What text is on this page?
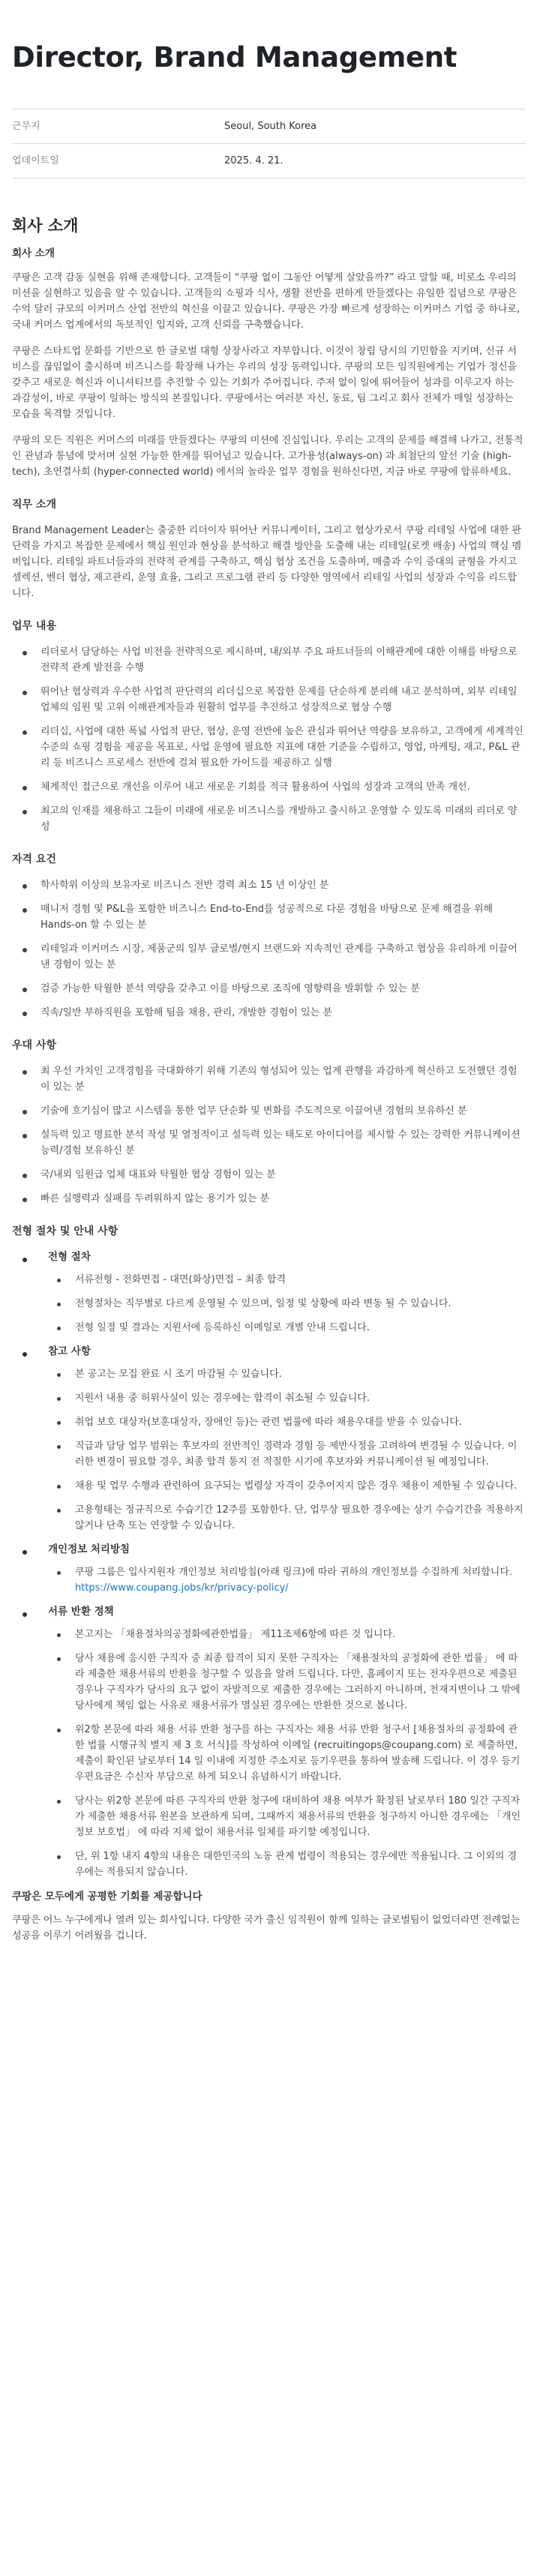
Director, Brand Management
근무지	Seoul, South Korea
업데이트일	2025. 4. 21.
회사 소개
회사 소개

쿠팡은 고객 감동 실현을 위해 존재합니다. 고객들이 “쿠팡 없이 그동안 어떻게 살았을까?” 라고 말할 때, 비로소 우리의 미션을 실현하고 있음을 알 수 있습니다. 고객들의 쇼핑과 식사, 생활 전반을 편하게 만들겠다는 유일한 집념으로 쿠팡은 수억 달러 규모의 이커머스 산업 전반의 혁신을 이끌고 있습니다. 쿠팡은 가장 빠르게 성장하는 이커머스 기업 중 하나로, 국내 커머스 업계에서의 독보적인 입지와, 고객 신뢰를 구축했습니다.

쿠팡은 스타트업 문화를 기반으로 한 글로벌 대형 상장사라고 자부합니다. 이것이 창립 당시의 기민함을 지키며, 신규 서비스를 끊임없이 출시하며 비즈니스를 확장해 나가는 우리의 성장 동력입니다. 쿠팡의 모든 임직원에게는 기업가 정신을 갖추고 새로운 혁신과 이니셔티브를 추진할 수 있는 기회가 주어집니다. 주저 없이 일에 뛰어들어 성과를 이루고자 하는 과감성이, 바로 쿠팡이 일하는 방식의 본질입니다. 쿠팡에서는 여러분 자신, 동료, 팀 그리고 회사 전체가 매일 성장하는 모습을 목격할 것입니다.

쿠팡의 모든 직원은 커머스의 미래를 만들겠다는 쿠팡의 미션에 진심입니다. 우리는 고객의 문제를 해결해 나가고, 전통적인 관념과 통념에 맞서며 실현 가능한 한계를 뛰어넘고 있습니다. 고가용성(always-on) 과 최첨단의 앞선 기술 (high-tech), 초연결사회 (hyper-connected world) 에서의 놀라운 업무 경험을 원하신다면, 지금 바로 쿠팡에 합류하세요.

직무 소개

Brand Management Leader는 출중한 리더이자 뛰어난 커뮤니케이터, 그리고 협상가로서 쿠팡 리테일 사업에 대한 판단력을 가지고 복잡한 문제에서 핵심 원인과 현상을 분석하고 해결 방안을 도출해 내는 리테일(로켓 배송) 사업의 핵심 멤버입니다. 리테일 파트너들과의 전략적 관계를 구축하고, 핵심 협상 조건을 도출하며, 매출과 수익 증대의 균형을 가지고 셀렉션, 벤더 협상, 재고관리, 운영 효율, 그리고 프로그램 관리 등 다양한 영역에서 리테일 사업의 성장과 수익을 리드합니다.

업무 내용
리더로서 담당하는 사업 비전을 전략적으로 제시하며, 내/외부 주요 파트너들의 이해관계에 대한 이해를 바탕으로 전략적 관계 발전을 수행
뛰어난 협상력과 우수한 사업적 판단력의 리더십으로 복잡한 문제를 단순하게 분리해 내고 분석하며, 외부 리테일 업체의 임원 및 고위 이해관계자들과 원활히 업무를 추진하고 성장적으로 협상 수행
리더십, 사업에 대한 폭넓 사업적 판단, 협상, 운영 전반에 높은 관심과 뛰어난 역량을 보유하고, 고객에게 세계적인 수준의 쇼핑 경험을 제공을 목표로, 사업 운영에 필요한 지표에 대한 기준을 수립하고, 영업, 마케팅, 재고, P&L 관리 등 비즈니스 프로세스 전반에 걸쳐 필요한 가이드를 제공하고 실행
체계적인 접근으로 개선을 이루어 내고 새로운 기회를 적극 활용하여 사업의 성장과 고객의 만족 개선.
최고의 인재를 채용하고 그들이 미래에 새로운 비즈니스를 개발하고 출시하고 운영할 수 있도록 미래의 리더로 양성
자격 요건
학사학위 이상의 보유자로 비즈니스 전반 경력 최소 15 년 이상인 분
매니저 경험 및 P&L을 포함한 비즈니스 End-to-End를 성공적으로 다룬 경험을 바탕으로 문제 해결을 위해 Hands-on 할 수 있는 분
리테일과 이커머스 시장, 제품군의 일부 글로벌/현지 브랜드와 지속적인 관계를 구축하고 협상을 유리하게 이끌어 낸 경험이 있는 분
검증 가능한 탁월한 분석 역량을 갖추고 이를 바탕으로 조직에 영향력을 발휘할 수 있는 분
직속/일반 부하직원을 포함해 팀을 채용, 관리, 개발한 경험이 있는 분
우대 사항
최 우선 가치인 고객경험을 극대화하기 위해 기존의 형성되어 있는 업계 관행을 과감하게 혁신하고 도전했던 경험이 있는 분
기술에 호기심이 많고 시스템을 통한 업무 단순화 및 변화를 주도적으로 이끌어낸 경험의 보유하신 분
설득력 있고 명료한 분석 작성 및 열정적이고 설득력 있는 태도로 아이디어를 제시할 수 있는 강력한 커뮤니케이션 능력/경험 보유하신 분
국/내외 임원급 업체 대표와 탁월한 협상 경험이 있는 분
빠른 실행력과 실패를 두려워하지 않는 용기가 있는 분
전형 절차 및 안내 사항
전형 절차
서류전형 - 전화면접 - 대면(화상)면접 – 최종 합격
전형절차는 직무별로 다르게 운영될 수 있으며, 일정 및 상황에 따라 변동 될 수 있습니다.
전형 일정 및 결과는 지원서에 등록하신 이메일로 개별 안내 드립니다.
참고 사항
본 공고는 모집 완료 시 조기 마감될 수 있습니다.
지원서 내용 중 허위사실이 있는 경우에는 합격이 취소될 수 있습니다.
취업 보호 대상자(보훈대상자, 장애인 등)는 관련 법률에 따라 채용우대를 받을 수 있습니다.
직급과 담당 업무 범위는 후보자의 전반적인 경력과 경험 등 제반사정을 고려하여 변경될 수 있습니다. 이러한 변경이 필요할 경우, 최종 합격 통지 전 적절한 시기에 후보자와 커뮤니케이션 될 예정입니다.
채용 및 업무 수행과 관련하여 요구되는 법령상 자격이 갖추어지지 않은 경우 채용이 제한될 수 있습니다.
고용형태는 정규직으로 수습기간 12주를 포함한다. 단, 업무상 필요한 경우에는 상기 수습기간을 적용하지 않거나 단축 또는 연장할 수 있습니다.
개인정보 처리방침
쿠팡 그룹은 입사지원자 개인정보 처리방침(아래 링크)에 따라 귀하의 개인정보를 수집하게 처리합니다. https://www.coupang.jobs/kr/privacy-policy/
서류 반환 정책
본고지는 「채용절차의공정화에관한법률」 제11조제6항에 따른 것 입니다.
당사 채용에 응시한 구직자 중 최종 합격이 되지 못한 구직자는 「채용절차의 공정화에 관한 법률」 에 따라 제출한 채용서류의 반환을 청구할 수 있음을 알려 드립니다. 다만, 홈페이지 또는 전자우편으로 제출된 경우나 구직자가 당사의 요구 없이 자발적으로 제출한 경우에는 그러하지 아니하며, 천재지변이나 그 밖에 당사에게 책임 없는 사유로 채용서류가 멸실된 경우에는 반환한 것으로 봅니다.
위2항 본문에 따라 채용 서류 반환 청구를 하는 구직자는 채용 서류 반환 청구서 [채용절차의 공정화에 관한 법률 시행규칙 별지 제 3 호 서식]를 작성하여 이메일 (recruitingops@coupang.com) 로 제출하면, 제출이 확인된 날로부터 14 일 이내에 지정한 주소지로 등기우편을 통하여 발송해 드립니다. 이 경우 등기우편요금은 수신자 부담으로 하게 되오니 유념하시기 바랍니다.
당사는 위2항 본문에 따른 구직자의 반환 청구에 대비하여 채용 여부가 확정된 날로부터 180 일간 구직자가 제출한 채용서류 원본을 보관하게 되며, 그때까지 채용서류의 반환을 청구하지 아니한 경우에는 「개인정보 보호법」 에 따라 지체 없이 채용서류 일체를 파기할 예정입니다.
단, 위 1항 내지 4항의 내용은 대한민국의 노동 관계 법령이 적용되는 경우에만 적용됩니다. 그 이외의 경우에는 적용되지 않습니다.
쿠팡은 모두에게 공평한 기회를 제공합니다

쿠팡은 어느 누구에게나 열려 있는 회사입니다. 다양한 국가 출신 임직원이 함께 일하는 글로벌팀이 없었더라면 전례없는 성공을 이루기 어려웠을 겁니다.
